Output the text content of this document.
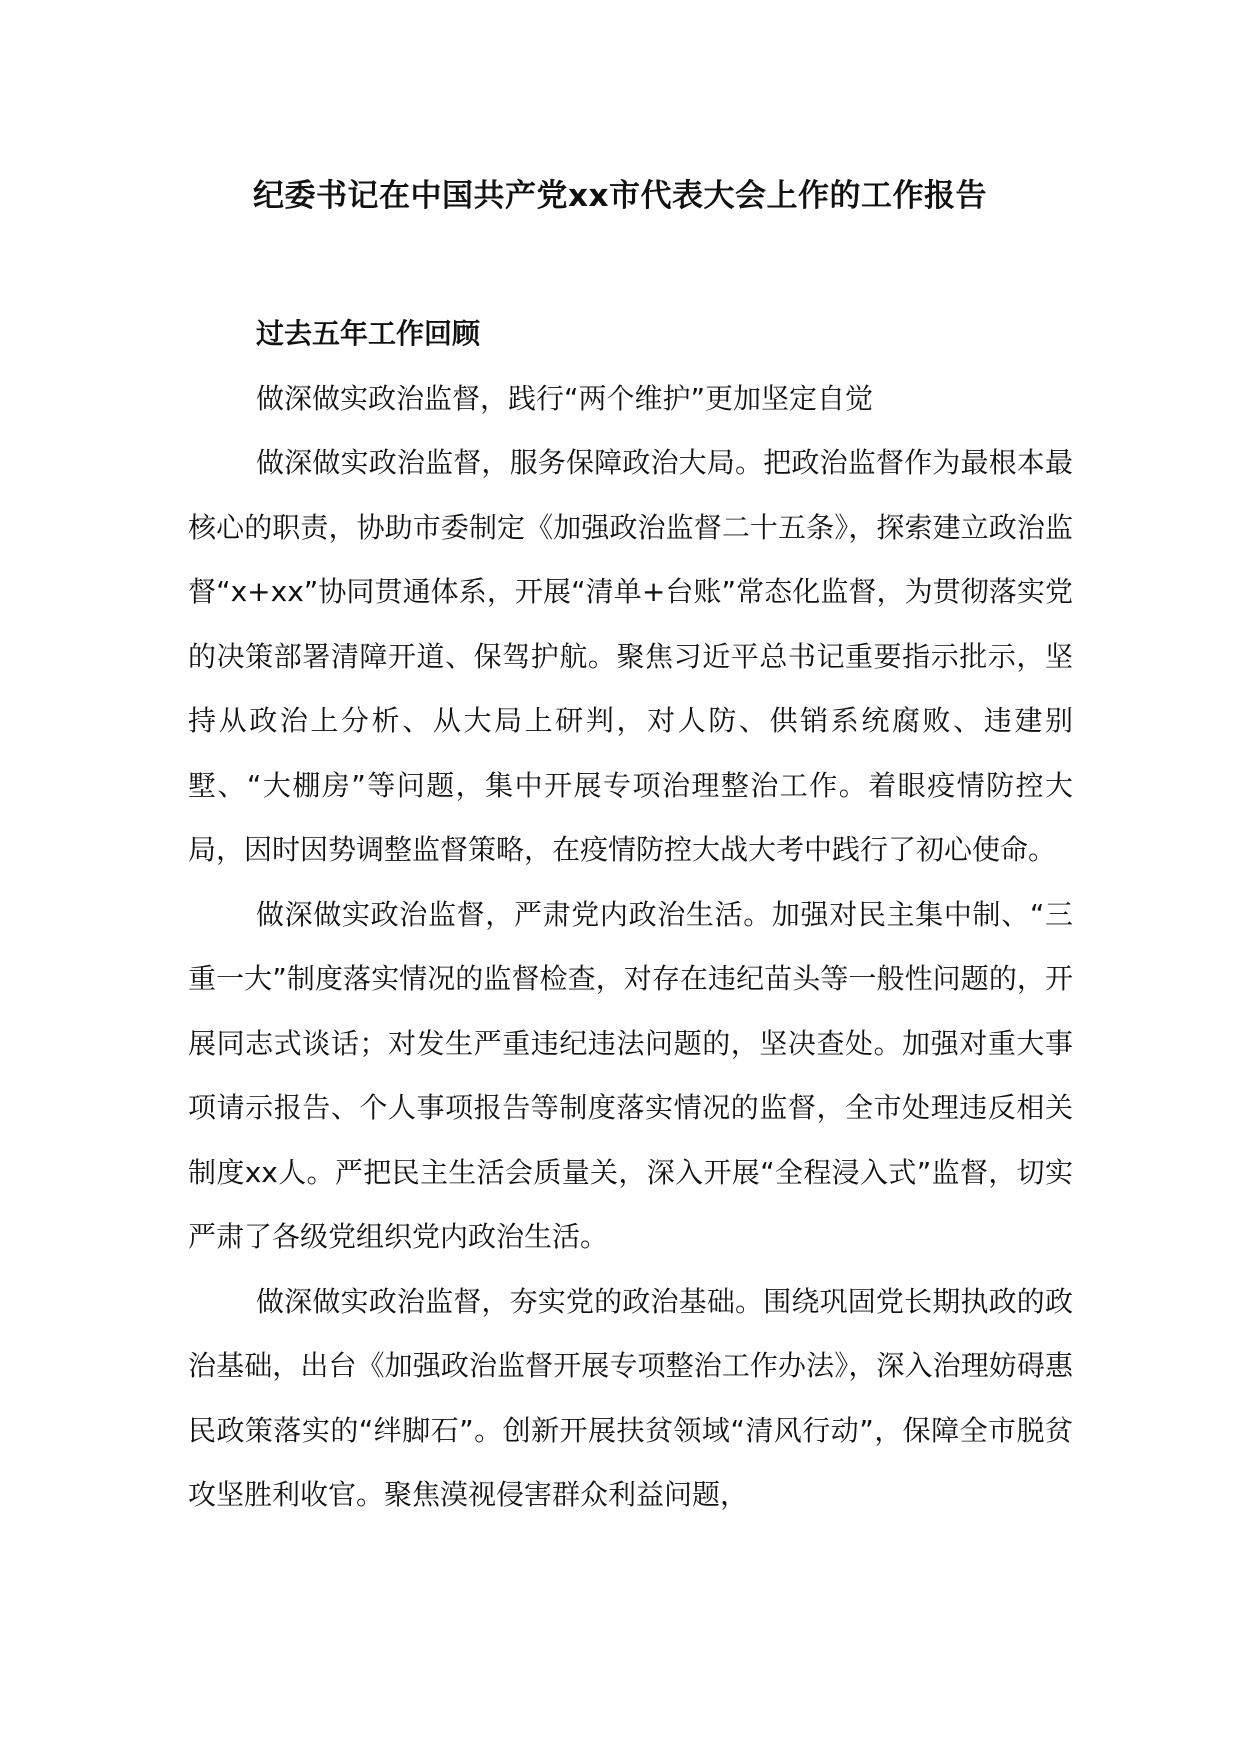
纪委书记在中国共产党xx市代表大会上作的工作报告

过去五年工作回顾

做深做实政治监督，践行“两个维护”更加坚定自觉

做深做实政治监督，服务保障政治大局。把政治监督作为最根本最核心的职责，协助市委制定《加强政治监督二十五条》，探索建立政治监督“x+xx”协同贯通体系，开展“清单+台账”常态化监督，为贯彻落实党的决策部署清障开道、保驾护航。聚焦习近平总书记重要指示批示，坚持从政治上分析、从大局上研判，对人防、供销系统腐败、违建别墅、“大棚房”等问题，集中开展专项治理整治工作。着眼疫情防控大局，因时因势调整监督策略，在疫情防控大战大考中践行了初心使命。

做深做实政治监督，严肃党内政治生活。加强对民主集中制、“三重一大”制度落实情况的监督检查，对存在违纪苗头等一般性问题的，开展同志式谈话；对发生严重违纪违法问题的，坚决查处。加强对重大事项请示报告、个人事项报告等制度落实情况的监督，全市处理违反相关制度xx人。严把民主生活会质量关，深入开展“全程浸入式”监督，切实严肃了各级党组织党内政治生活。

做深做实政治监督，夯实党的政治基础。围绕巩固党长期执政的政治基础，出台《加强政治监督开展专项整治工作办法》，深入治理妨碍惠民政策落实的“绊脚石”。创新开展扶贫领域“清风行动”，保障全市脱贫攻坚胜利收官。聚焦漠视侵害群众利益问题，
